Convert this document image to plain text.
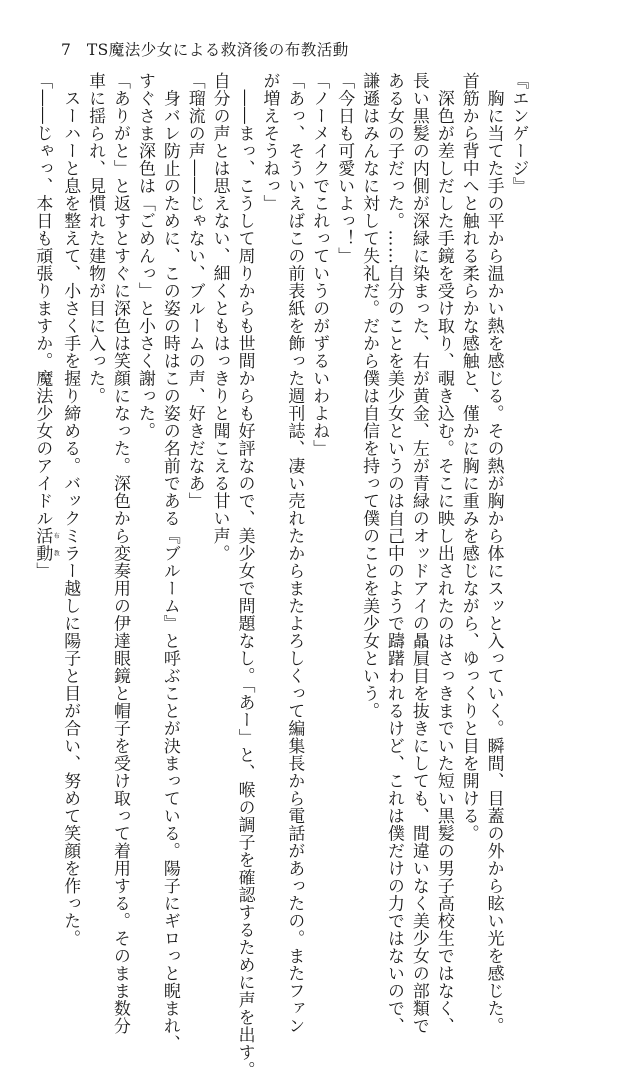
7 TS魔法少女による救済後の布教活動
『エンゲージ』
　胸に当てた手の平から温かい熱を感じる。その熱が胸から体にスッと入っていく。瞬間、目蓋の外から眩い光を感じた。
首筋から背中へと触れる柔らかな感触と、僅かに胸に重みを感じながら、ゆっくりと目を開ける。
　深色が差しだした手鏡を受け取り、覗き込む。そこに映し出されたのはさっきまでいた短い黒髪の男子高校生ではなく、
長い黒髪の内側が深緑に染まった、右が黄金、左が青緑のオッドアイの贔屓目を抜きにしても、間違いなく美少女の部類で
ある女の子だった。……自分のことを美少女というのは自己中のようで躊躇われるけど、これは僕だけの力ではないので、
謙遜はみんなに対して失礼だ。だから僕は自信を持って僕のことを美少女という。
「今日も可愛いよっ！」
「ノーメイクでこれっていうのがずるいわよね」
「あっ、そういえばこの前表紙を飾った週刊誌、凄い売れたからまたよろしくって編集長から電話があったの。またファン
が増えそうねっ」
　――まっ、こうして周りからも世間からも好評なので、美少女で問題なし。「あー」と、喉の調子を確認するために声を出す。
自分の声とは思えない、細くともはっきりと聞こえる甘い声。
「瑠流の声――じゃない、ブルームの声、好きだなあ」
　身バレ防止のために、この姿の時はこの姿の名前である『ブルーム』と呼ぶことが決まっている。陽子にギロっと睨まれ、
すぐさま深色は「ごめんっ」と小さく謝った。
「ありがと」と返すとすぐに深色は笑顔になった。深色から変奏用の伊達眼鏡と帽子を受け取って着用する。そのまま数分
車に揺られ、見慣れた建物が目に入った。
　スーハーと息を整えて、小さく手を握り締める。バックミラー越しに陽子と目が合い、努めて笑顔を作った。
「――じゃっ、本日も頑張りますか。魔法少女のアイドル活動布教」
